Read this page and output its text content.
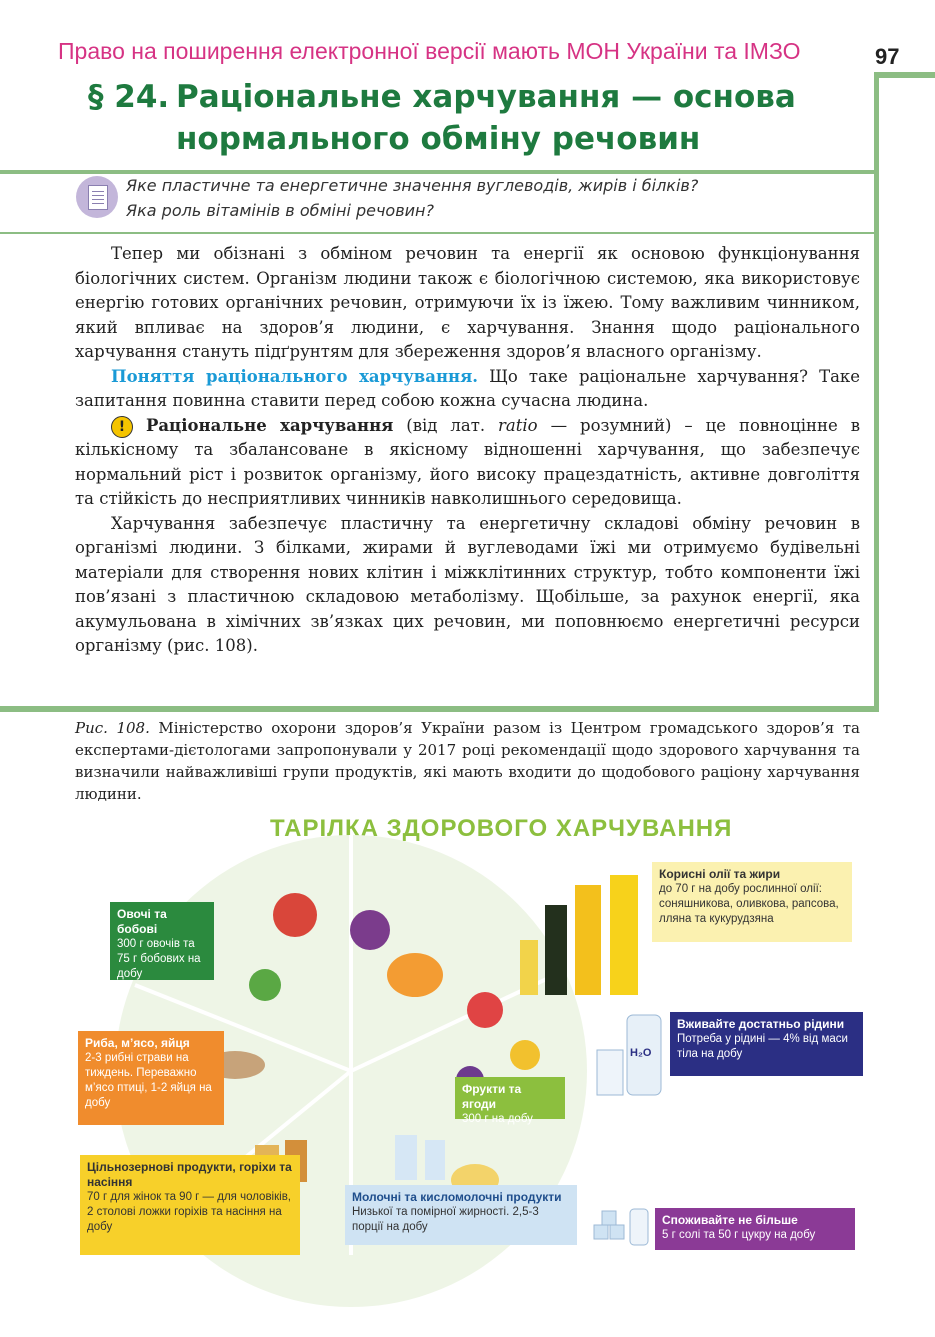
Право на поширення електронної версії мають МОН України та ІМЗО	97
§ 24. Раціональне харчування — основа
нормального обміну речовин
Яке пластичне та енергетичне значення вуглеводів, жирів і білків?
Яка роль вітамінів в обміні речовин?

Тепер ми обізнані з обміном речовин та енергії як основою функціонування біологічних систем. Організм людини також є біологічною системою, яка використовує енергію готових органічних речовин, отримуючи їх із їжею. Тому важливим чинником, який впливає на здоров’я людини, є харчування. Знання щодо раціонального харчування стануть підґрунтям для збереження здоров’я власного організму.

Поняття раціонального харчування. Що таке раціональне харчування? Таке запитання повинна ставити перед собою кожна сучасна людина.

! Раціональне харчування (від лат. ratio — розумний) – це повноцінне в кількісному та збалансоване в якісному відношенні харчування, що забезпечує нормальний ріст і розвиток організму, його високу працездатність, активне довголіття та стійкість до несприятливих чинників навколишнього середовища.

Харчування забезпечує пластичну та енергетичну складові обміну речовин в організмі людини. З білками, жирами й вуглеводами їжі ми отримуємо будівельні матеріали для створення нових клітин і міжклітинних структур, тобто компоненти їжі пов’язані з пластичною складовою метаболізму. Щобільше, за рахунок енергії, яка акумульована в хімічних зв’язках цих речовин, ми поповнюємо енергетичні ресурси організму (рис. 108).

Рис. 108. Міністерство охорони здоров’я України разом із Центром громадського здоров’я та експертами-дієтологами запропонували у 2017 році рекомендації щодо здорового харчування та визначили найважливіші групи продуктів, які мають входити до щодобового раціону харчування людини.
ТАРІЛКА ЗДОРОВОГО ХАРЧУВАННЯ
H₂O
Овочі та бобові
300 г овочів та 75 г бобових на добу
Риба, м’ясо, яйця
2-3 рибні страви на тиждень. Переважно м’ясо птиці, 1-2 яйця на добу
Цільнозернові продукти, горіхи та насіння
70 г для жінок та 90 г — для чоловіків, 2 столові ложки горіхів та насіння на добу
Фрукти та ягоди
300 г на добу
Молочні та кисломолочні продукти
Низької та помірної жирності. 2,5-3 порції на добу
Корисні олії та жири
до 70 г на добу рослинної олії: соняшникова, оливкова, рапсова, лляна та кукурудзяна
Вживайте достатньо рідини
Потреба у рідині — 4% від маси тіла на добу
Споживайте не більше
5 г солі та 50 г цукру на добу
